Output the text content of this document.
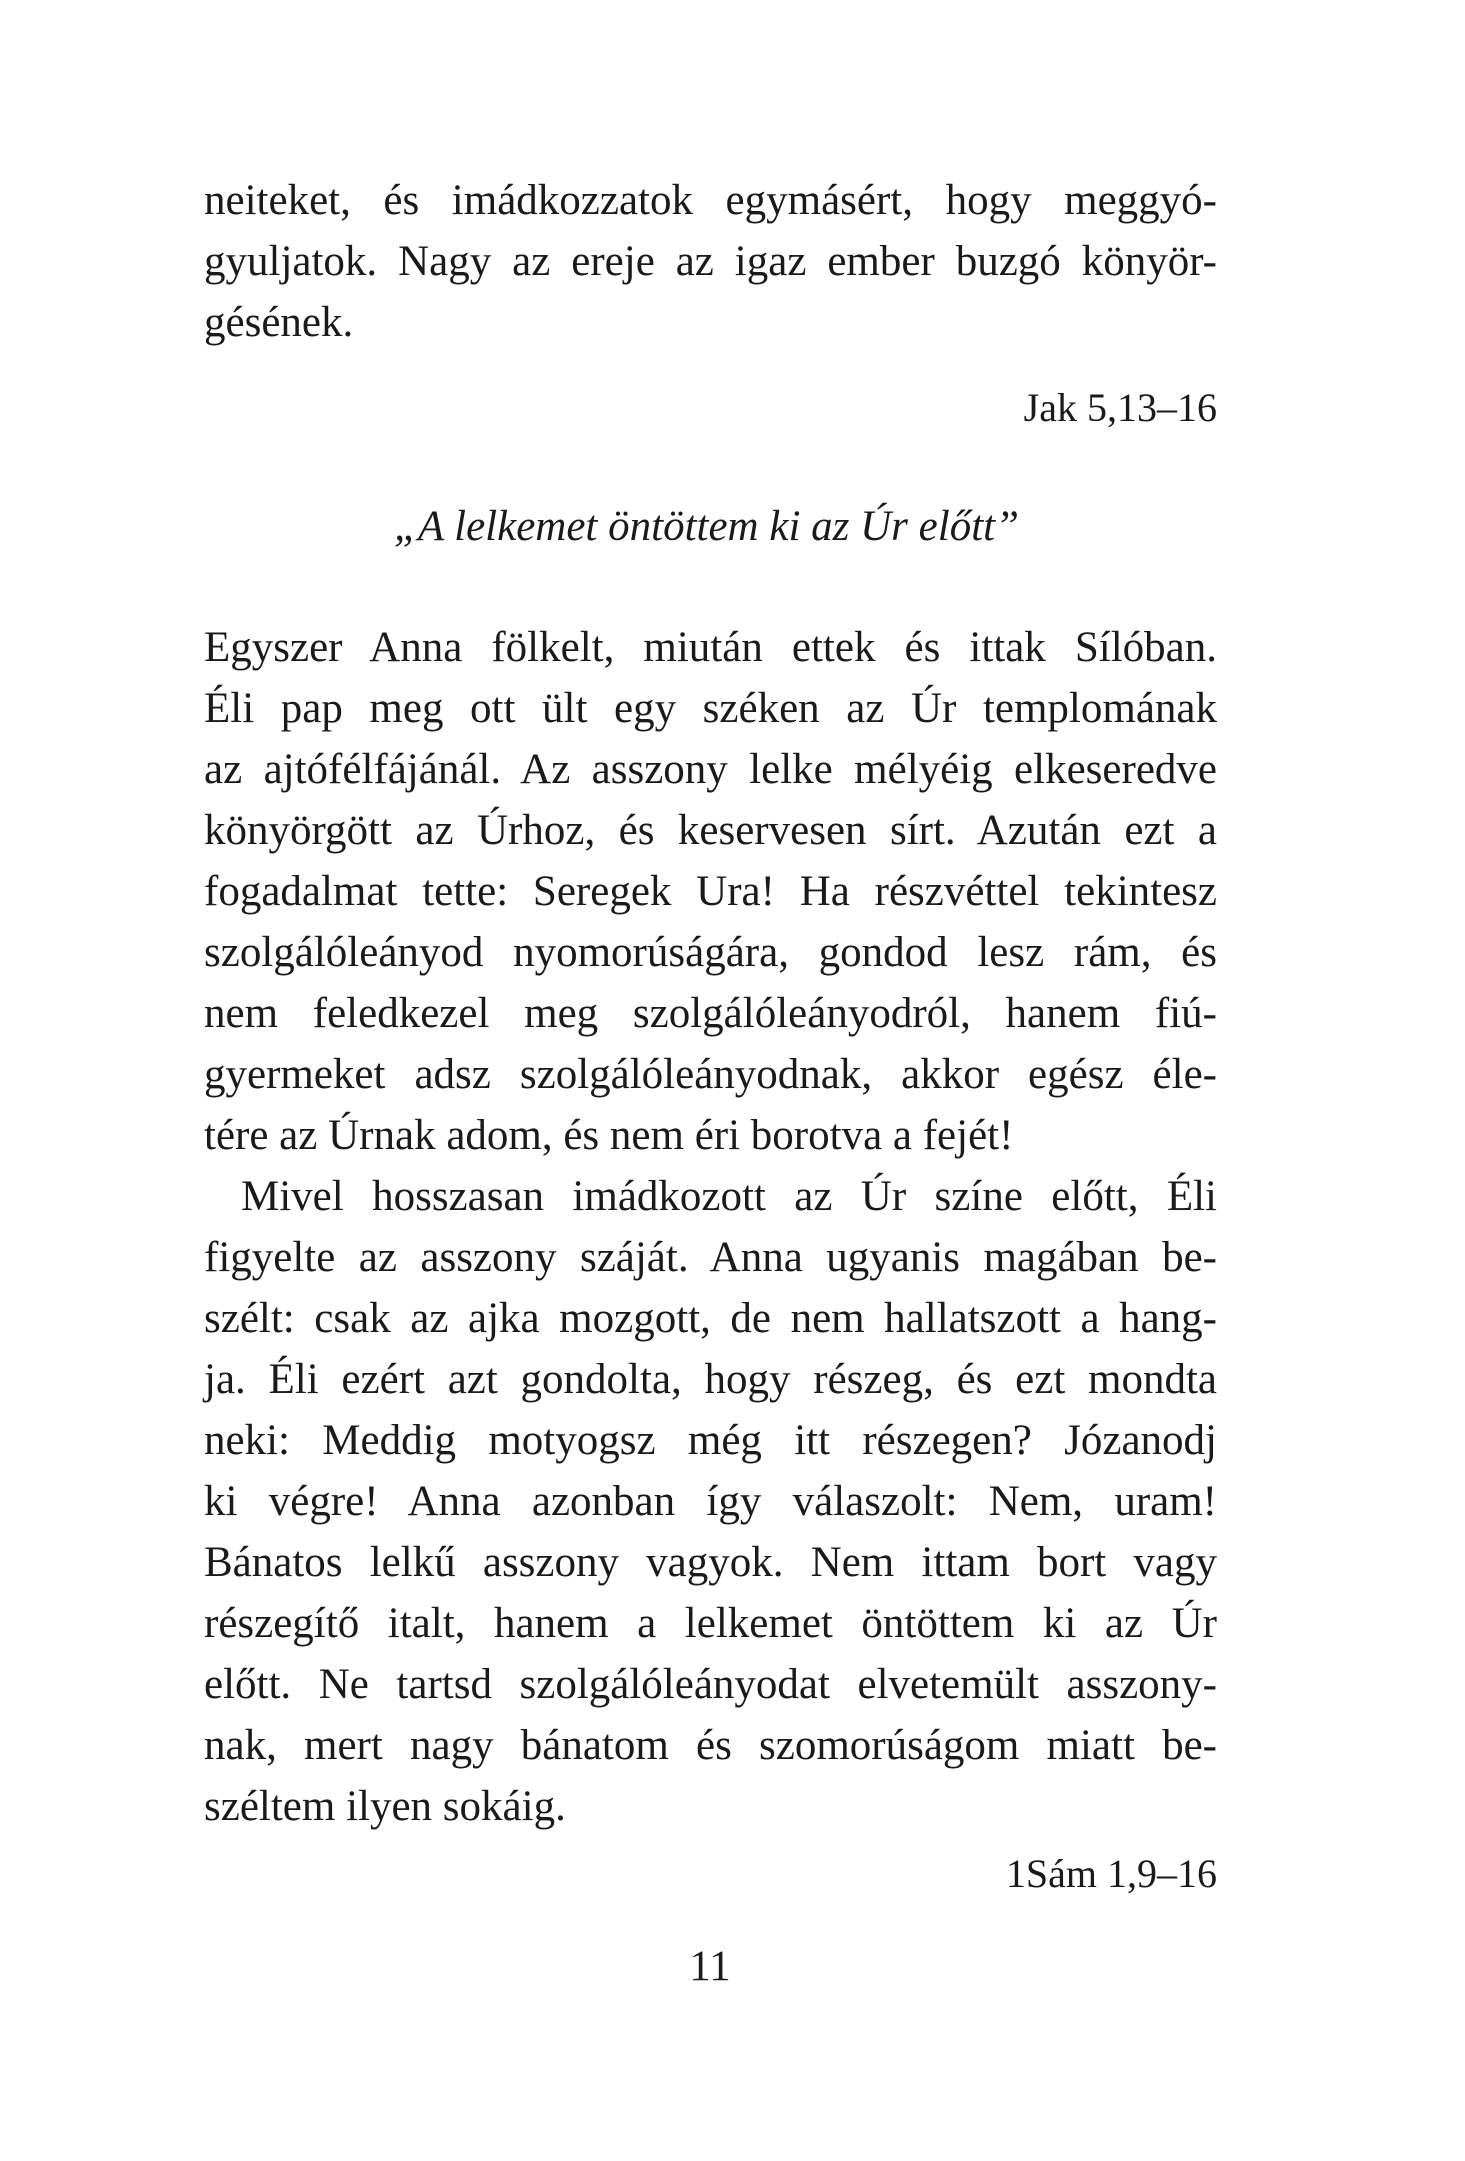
neiteket, és imádkozzatok egymásért, hogy meggyó-
gyuljatok. Nagy az ereje az igaz ember buzgó könyör-
gésének.
Jak 5,13–16
„A lelkemet öntöttem ki az Úr előtt”
Egyszer Anna fölkelt, miután ettek és ittak Sílóban.
Éli pap meg ott ült egy széken az Úr templomának
az ajtófélfájánál. Az asszony lelke mélyéig elkeseredve
könyörgött az Úrhoz, és keservesen sírt. Azután ezt a
fogadalmat tette: Seregek Ura! Ha részvéttel tekintesz
szolgálóleányod nyomorúságára, gondod lesz rám, és
nem feledkezel meg szolgálóleányodról, hanem fiú-
gyermeket adsz szolgálóleányodnak, akkor egész éle-
tére az Úrnak adom, és nem éri borotva a fejét!
Mivel hosszasan imádkozott az Úr színe előtt, Éli
figyelte az asszony száját. Anna ugyanis magában be-
szélt: csak az ajka mozgott, de nem hallatszott a hang-
ja. Éli ezért azt gondolta, hogy részeg, és ezt mondta
neki: Meddig motyogsz még itt részegen? Józanodj
ki végre! Anna azonban így válaszolt: Nem, uram!
Bánatos lelkű asszony vagyok. Nem ittam bort vagy
részegítő italt, hanem a lelkemet öntöttem ki az Úr
előtt. Ne tartsd szolgálóleányodat elvetemült asszony-
nak, mert nagy bánatom és szomorúságom miatt be-
széltem ilyen sokáig.
1Sám 1,9–16
11
